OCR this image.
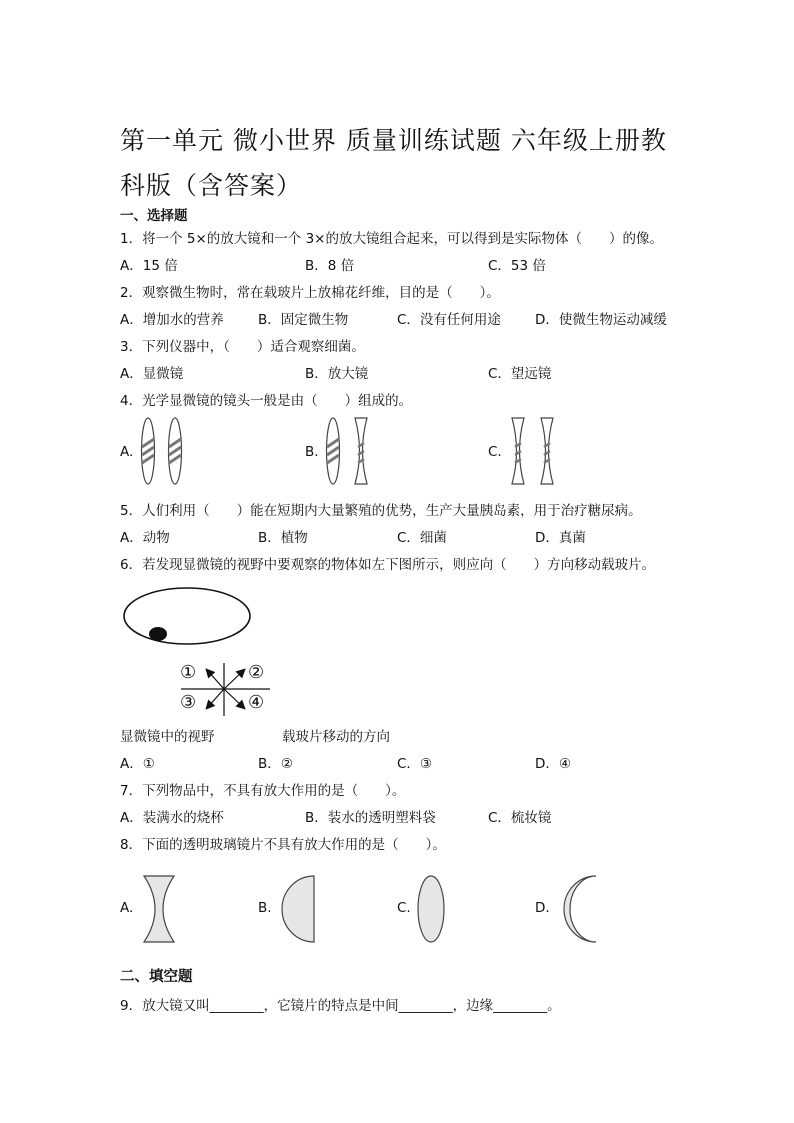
第一单元 微小世界 质量训练试题 六年级上册教科版（含答案）
一、选择题
1．将一个 5×的放大镜和一个 3×的放大镜组合起来，可以得到是实际物体（　　）的像。
A．15 倍	B．8 倍	C．53 倍
2．观察微生物时，常在载玻片上放棉花纤维，目的是（　　）。
A．增加水的营养	B．固定微生物	C．没有任何用途	D．使微生物运动减缓
3．下列仪器中，（　　）适合观察细菌。
A．显微镜	B．放大镜	C．望远镜
4．光学显微镜的镜头一般是由（　　）组成的。
A.	B.	C.
5．人们利用（　　）能在短期内大量繁殖的优势，生产大量胰岛素，用于治疗糖尿病。
A．动物	B．植物	C．细菌	D．真菌
6．若发现显微镜的视野中要观察的物体如左下图所示，则应向（　　）方向移动载玻片。
①	②
③	④
显微镜中的视野	载玻片移动的方向
A．①	B．②	C．③	D．④
7．下列物品中，不具有放大作用的是（　　）。
A．装满水的烧杯	B．装水的透明塑料袋	C．梳妆镜
8．下面的透明玻璃镜片不具有放大作用的是（　　）。
A.	B.	C.	D.
二、填空题
9．放大镜又叫________，它镜片的特点是中间________，边缘________。
